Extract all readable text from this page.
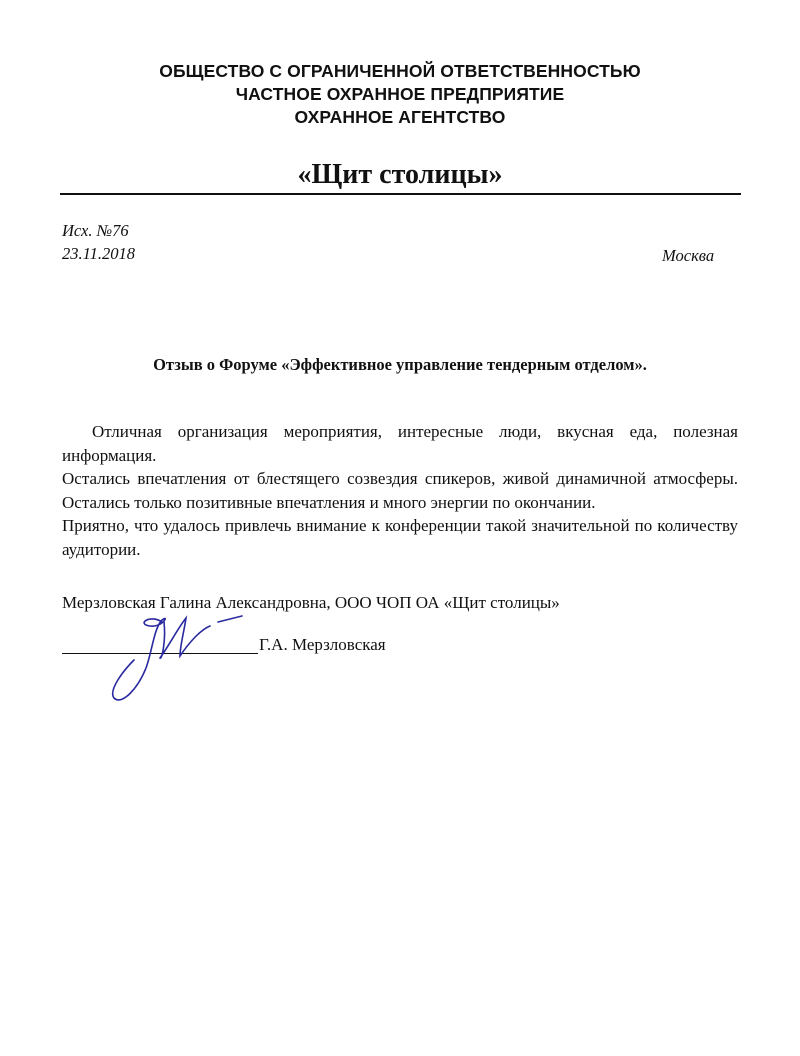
ОБЩЕСТВО С ОГРАНИЧЕННОЙ ОТВЕТСТВЕННОСТЬЮ
ЧАСТНОЕ ОХРАННОЕ ПРЕДПРИЯТИЕ
ОХРАННОЕ АГЕНТСТВО
«Щит столицы»
Исх. №76
23.11.2018	Москва
Отзыв о Форуме «Эффективное управление тендерным отделом».

Отличная организация мероприятия, интересные люди, вкусная еда, полезная информация.

Остались впечатления от блестящего созвездия спикеров, живой динамичной атмосферы. Остались только позитивные впечатления и много энергии по окончании.

Приятно, что удалось привлечь внимание к конференции такой значительной по количеству аудитории.

Мерзловская Галина Александровна, ООО ЧОП ОА «Щит столицы»
Г.А. Мерзловская
